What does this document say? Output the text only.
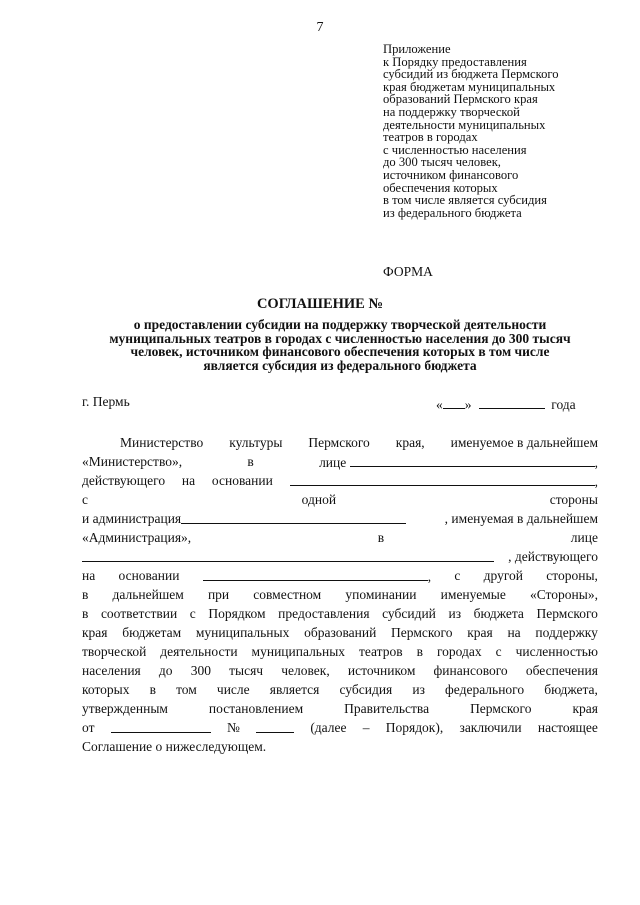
7
Приложение
к Порядку предоставления
субсидий из бюджета Пермского
края бюджетам муниципальных
образований Пермского края
на поддержку творческой
деятельности муниципальных
театров в городах
с численностью населения
до 300 тысяч человек,
источником финансового
обеспечения которых
в том числе является субсидия
из федерального бюджета
ФОРМА
СОГЛАШЕНИЕ №
о предоставлении субсидии на поддержку творческой деятельности
муниципальных театров в городах с численностью населения до 300 тысяч
человек, источником финансового обеспечения которых в том числе
является субсидия из федерального бюджета
г. Пермь	« »	года
Министерство культуры Пермского края, именуемое в дальнейшем
«Министерство»,	в	лице	,
действующего на основании	,
с	одной	стороны
и администрация	, именуемая в дальнейшем
«Администрация»,	в	лице
, действующего
на основании	, с другой стороны,
в дальнейшем при совместном упоминании именуемые «Стороны»,
в соответствии с Порядком предоставления субсидий из бюджета Пермского
края бюджетам муниципальных образований Пермского края на поддержку
творческой деятельности муниципальных театров в городах с численностью
населения до 300 тысяч человек, источником финансового обеспечения
которых в том числе является субсидия из федерального бюджета,
утвержденным	постановлением	Правительства	Пермского	края
от	№	(далее – Порядок), заключили настоящее
Соглашение о нижеследующем.
